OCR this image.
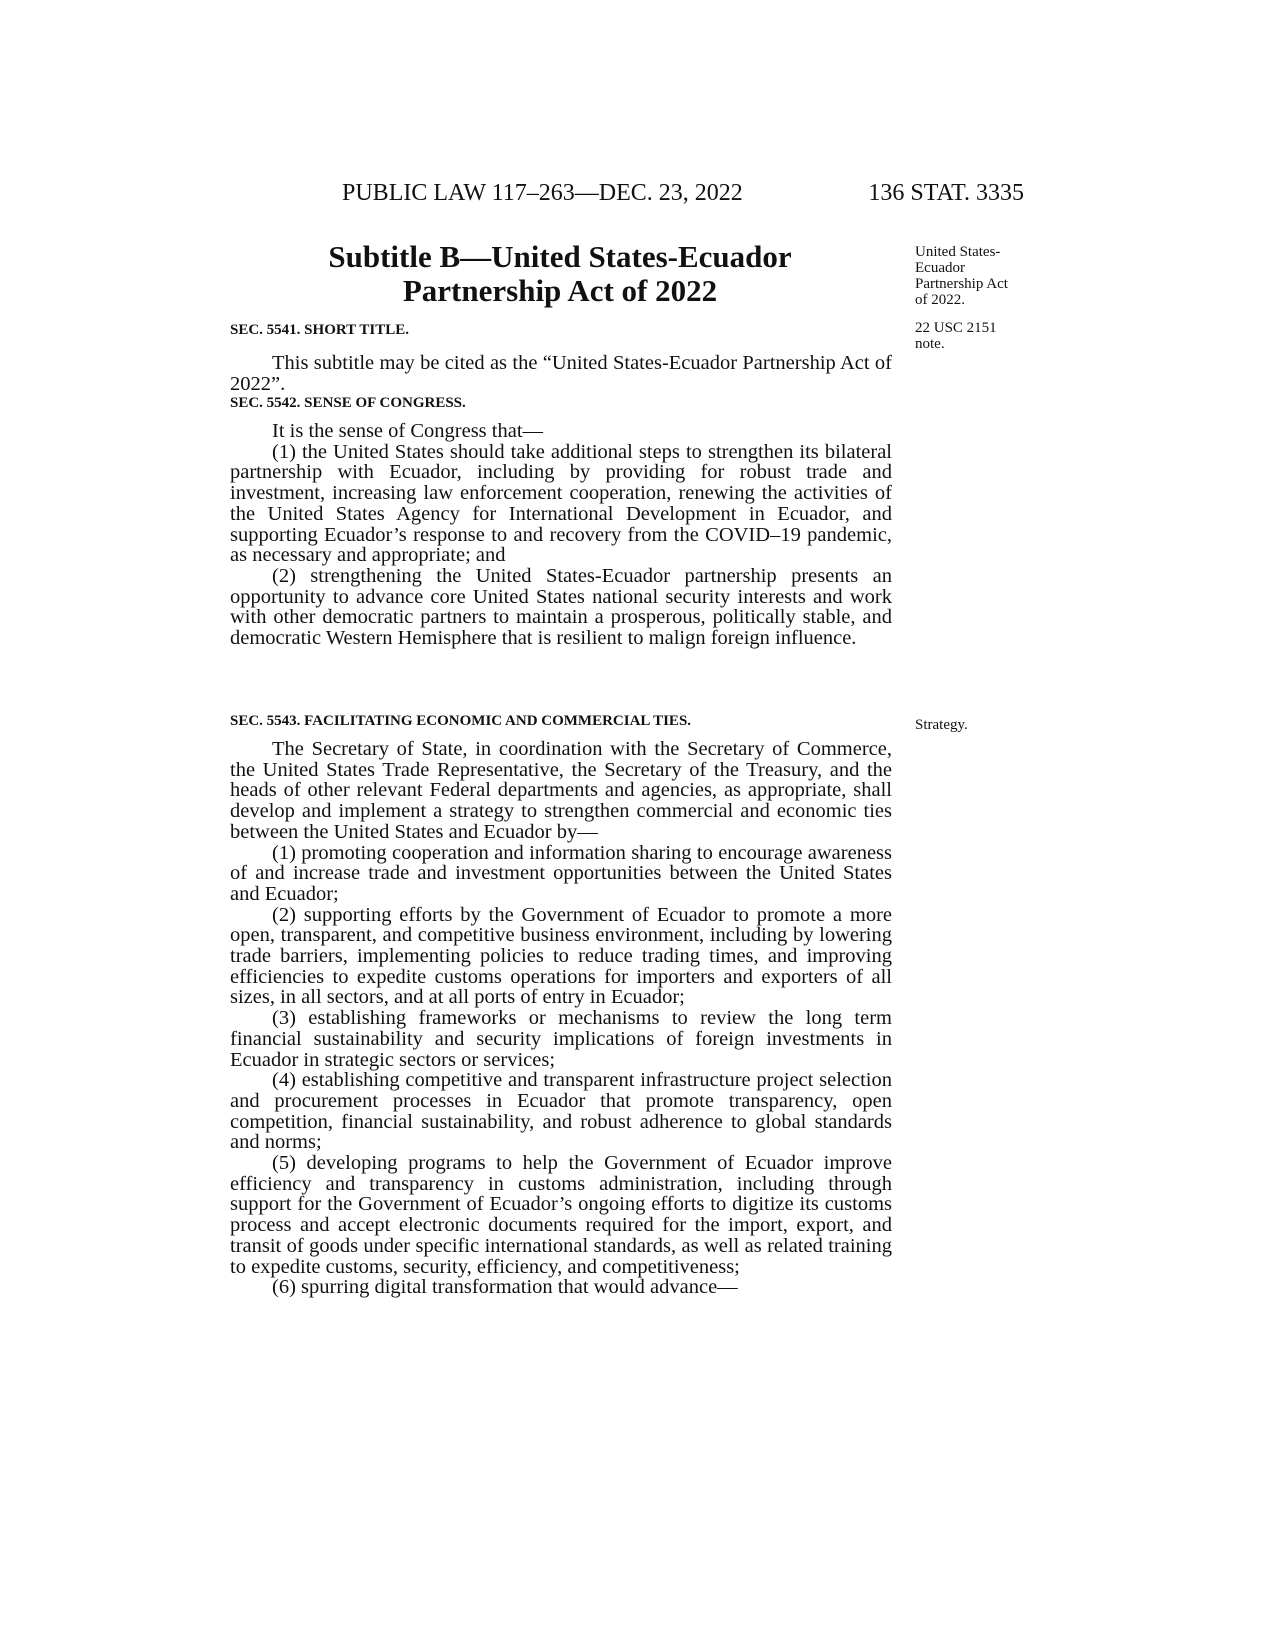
PUBLIC LAW 117–263—DEC. 23, 2022	136 STAT. 3335
Subtitle B—United States-Ecuador
Partnership Act of 2022
United States-
Ecuador
Partnership Act
of 2022.
22 USC 2151
note.
Strategy.
SEC. 5541. SHORT TITLE.

This subtitle may be cited as the “United States-Ecuador Partnership Act of 2022”.

SEC. 5542. SENSE OF CONGRESS.

It is the sense of Congress that—

(1) the United States should take additional steps to strengthen its bilateral partnership with Ecuador, including by providing for robust trade and investment, increasing law enforcement cooperation, renewing the activities of the United States Agency for International Development in Ecuador, and supporting Ecuador’s response to and recovery from the COVID–19 pandemic, as necessary and appropriate; and

(2) strengthening the United States-Ecuador partnership presents an opportunity to advance core United States national security interests and work with other democratic partners to maintain a prosperous, politically stable, and democratic Western Hemisphere that is resilient to malign foreign influence.

SEC. 5543. FACILITATING ECONOMIC AND COMMERCIAL TIES.

The Secretary of State, in coordination with the Secretary of Commerce, the United States Trade Representative, the Secretary of the Treasury, and the heads of other relevant Federal departments and agencies, as appropriate, shall develop and implement a strategy to strengthen commercial and economic ties between the United States and Ecuador by—

(1) promoting cooperation and information sharing to encourage awareness of and increase trade and investment opportunities between the United States and Ecuador;

(2) supporting efforts by the Government of Ecuador to promote a more open, transparent, and competitive business environment, including by lowering trade barriers, implementing policies to reduce trading times, and improving efficiencies to expedite customs operations for importers and exporters of all sizes, in all sectors, and at all ports of entry in Ecuador;

(3) establishing frameworks or mechanisms to review the long term financial sustainability and security implications of foreign investments in Ecuador in strategic sectors or services;

(4) establishing competitive and transparent infrastructure project selection and procurement processes in Ecuador that promote transparency, open competition, financial sustainability, and robust adherence to global standards and norms;

(5) developing programs to help the Government of Ecuador improve efficiency and transparency in customs administration, including through support for the Government of Ecuador’s ongoing efforts to digitize its customs process and accept electronic documents required for the import, export, and transit of goods under specific international standards, as well as related training to expedite customs, security, efficiency, and competitiveness;

(6) spurring digital transformation that would advance—
